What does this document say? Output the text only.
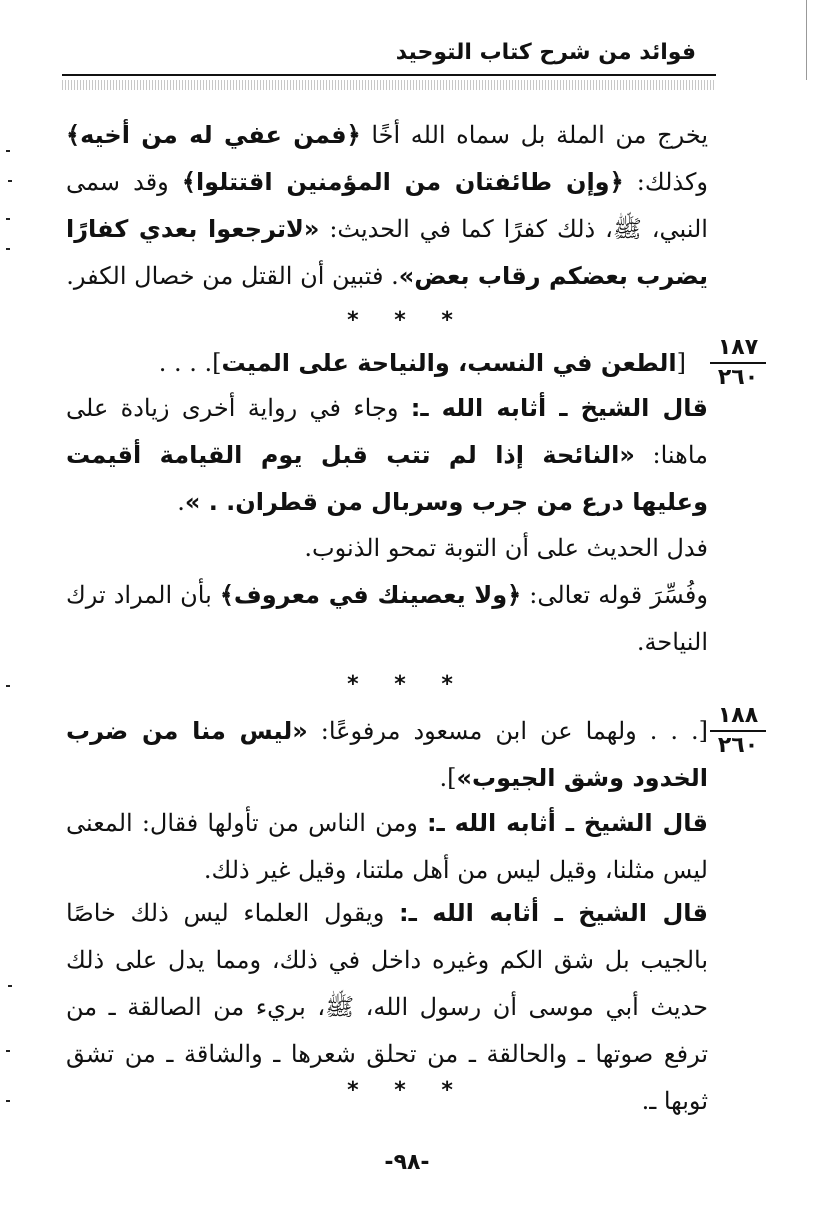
فوائد من شرح كتاب التوحيد
يخرج من الملة بل سماه الله أخًا ﴿فمن عفي له من أخيه﴾ وكذلك: ﴿وإن طائفتان من المؤمنين اقتتلوا﴾ وقد سمى النبي، ﷺ، ذلك كفرًا كما في الحديث: «لاترجعوا بعدي كفارًا يضرب بعضكم رقاب بعض». فتبين أن القتل من خصال الكفر.
* * *
١٨٧
٢٦٠
[الطعن في النسب، والنياحة على الميت]. . . .
قال الشيخ ـ أثابه الله ـ: وجاء في رواية أخرى زيادة على ماهنا: «النائحة إذا لم تتب قبل يوم القيامة أقيمت وعليها درع من جرب وسربال من قطران. . ».
فدل الحديث على أن التوبة تمحو الذنوب.
وفُسِّرَ قوله تعالى: ﴿ولا يعصينك في معروف﴾ بأن المراد ترك النياحة.
* * *
١٨٨
٢٦٠
[. . . ولهما عن ابن مسعود مرفوعًا: «ليس منا من ضرب الخدود وشق الجيوب»].
قال الشيخ ـ أثابه الله ـ: ومن الناس من تأولها فقال: المعنى ليس مثلنا، وقيل ليس من أهل ملتنا، وقيل غير ذلك.
قال الشيخ ـ أثابه الله ـ: ويقول العلماء ليس ذلك خاصًا بالجيب بل شق الكم وغيره داخل في ذلك، ومما يدل على ذلك حديث أبي موسى أن رسول الله، ﷺ، بريء من الصالقة ـ من ترفع صوتها ـ والحالقة ـ من تحلق شعرها ـ والشاقة ـ من تشق ثوبها ـ.
* * *
-٩٨-
